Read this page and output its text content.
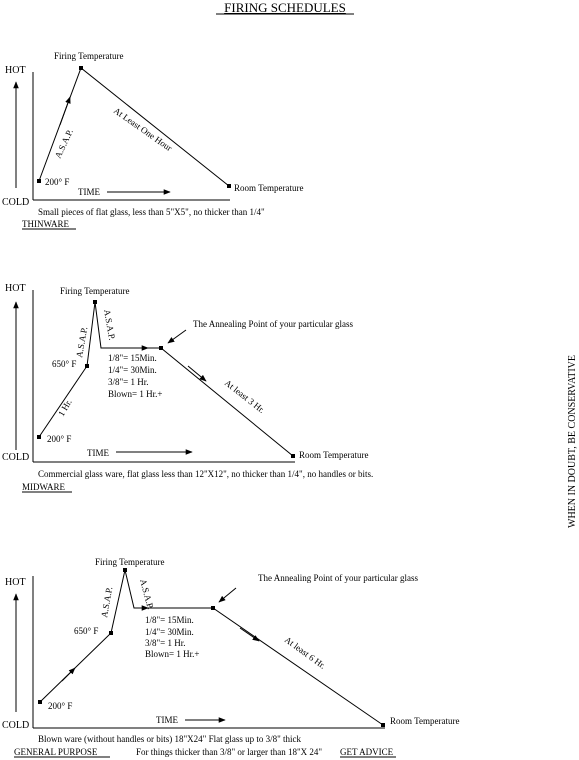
FIRING SCHEDULES
WHEN IN DOUBT, BE CONSERVATIVE
HOT
COLD
TIME
200° F
Firing Temperature
Room Temperature
A.S.A.P.	At Least One Hour
Small pieces of flat glass, less than 5"X5", no thicker than 1/4"
THINWARE
HOT
COLD	TIME
200° F
650° F
1 Hr.
A.S.A.P.
A.S.A.P.
Firing Temperature
The Annealing Point of your particular glass
1/8"= 15Min.
1/4"= 30Min.
3/8"= 1 Hr.
Blown= 1 Hr.+	At least 3 Hr.
Room Temperature
Commercial glass ware, flat glass less than 12"X12", no thicker than 1/4", no handles or bits.
MIDWARE
HOT
COLD	TIME
200° F
650° F
A.S.A.P.	A.S.A.P.
Firing Temperature
The Annealing Point of your particular glass
1/8"= 15Min.
1/4"= 30Min.
3/8"= 1 Hr.
Blown= 1 Hr.+	At least 6 Hr.
Room Temperature
Blown ware (without handles or bits) 18"X24" Flat glass up to 3/8" thick
GENERAL PURPOSE	For things thicker than 3/8" or larger than 18"X 24" GET ADVICE
